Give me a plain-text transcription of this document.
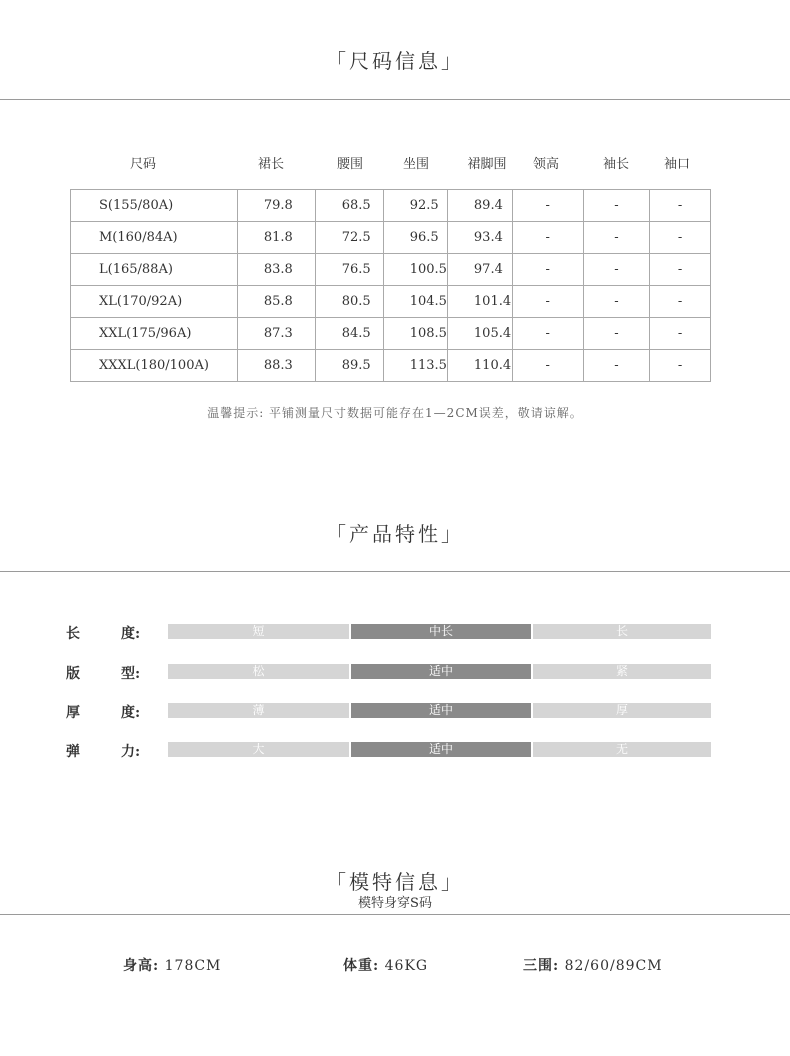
「尺码信息」
尺码	裙长	腰围	坐围	裙脚围	领高	袖长	袖口
S(155/80A)	79.8	68.5	92.5	89.4	-	-	-
M(160/84A)	81.8	72.5	96.5	93.4	-	-	-
L(165/88A)	83.8	76.5	100.5	97.4	-	-	-
XL(170/92A)	85.8	80.5	104.5	101.4	-	-	-
XXL(175/96A)	87.3	84.5	108.5	105.4	-	-	-
XXXL(180/100A)	88.3	89.5	113.5	110.4	-	-	-
温馨提示: 平铺测量尺寸数据可能存在1—2CM误差，敬请谅解。
「产品特性」
长	度:	短	中长	长
版	型:	松	适中	紧
厚	度:	薄	适中	厚
弹	力:	大	适中	无
「模特信息」
模特身穿S码
身高: 178CM	体重: 46KG	三围: 82/60/89CM
